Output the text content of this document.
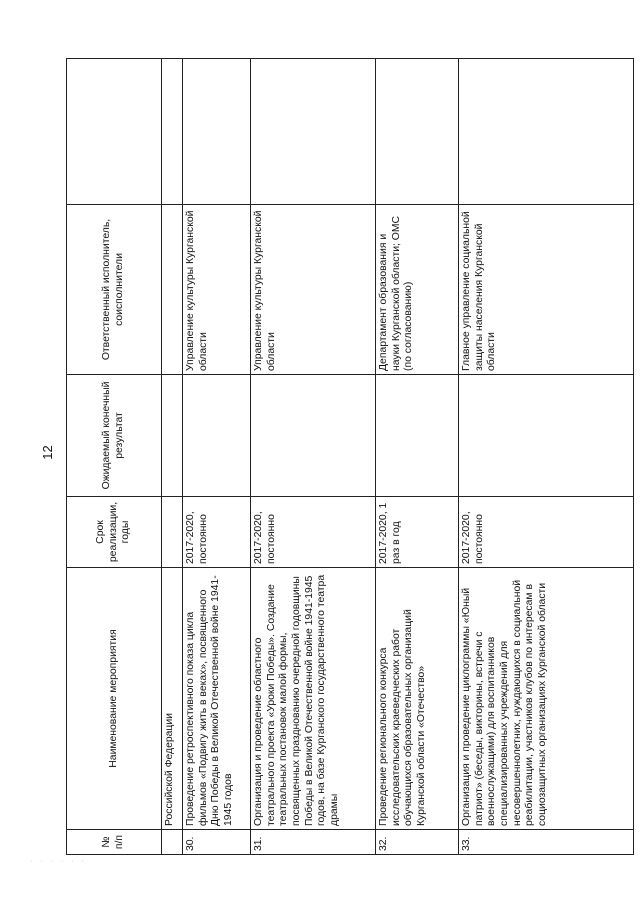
12
№ п/п	Наименование мероприятия	Срок реализации, годы	Ожидаемый конечный результат	Ответственный исполнитель, соисполнители	
	Российской Федерации				
30.	Проведение ретроспективного показа цикла фильмов «Подвигу жить в веках», посвященного Дню Победы в Великой Отечественной войне 1941-1945 годов	2017-2020, постоянно		Управление культуры Курганской области	
31.	Организация и проведение областного театрального проекта «Уроки Победы». Создание театральных постановок малой формы, посвященных празднованию очередной годовщины Победы в Великой Отечественной войне 1941-1945 годов, на базе Курганского государственного театра драмы	2017-2020, постоянно		Управление культуры Курганской области	
32.	Проведение регионального конкурса исследовательских краеведческих работ обучающихся образовательных организаций Курганской области «Отечество»	2017-2020, 1 раз в год		Департамент образования и науки Курганской области; ОМС (по согласованию)	
33.	Организация и проведение циклограммы «Юный патриот» (беседы, викторины, встречи с военнослужащими) для воспитанников специализированных учреждений для несовершеннолетних, нуждающихся в социальной реабилитации, участников клубов по интересам в социозащитных организациях Курганской области	2017-2020, постоянно		Главное управление социальной защиты населения Курганской области	
· · · · · ·
